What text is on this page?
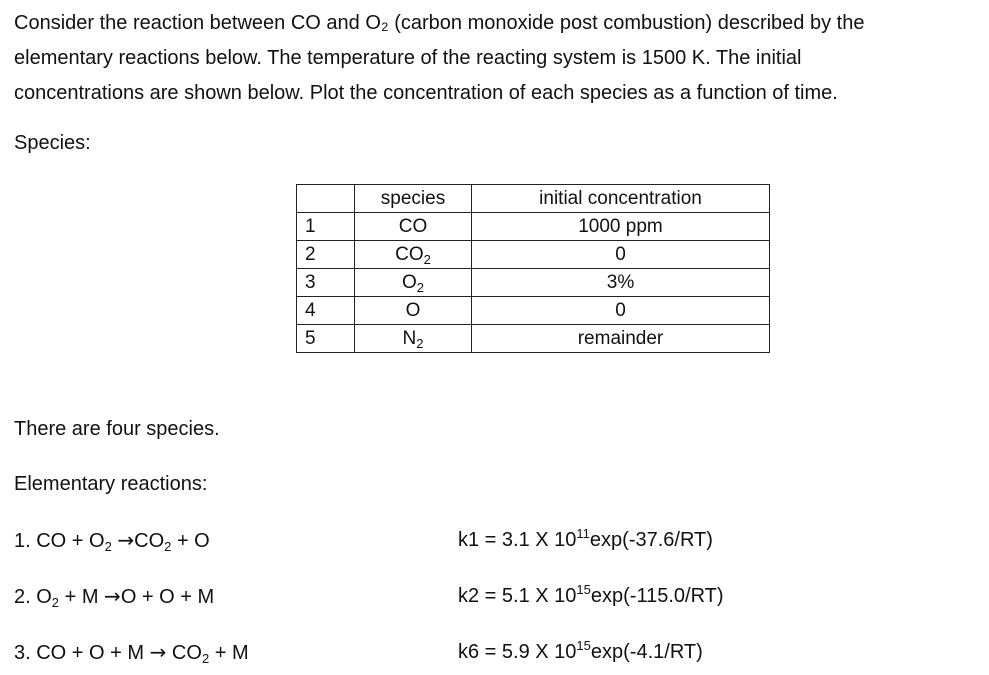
Consider the reaction between CO and O₂ (carbon monoxide post combustion) described by the
elementary reactions below. The temperature of the reacting system is 1500 K. The initial
concentrations are shown below. Plot the concentration of each species as a function of time.
Species:
	species	initial concentration
1	CO	1000 ppm
2	$CO_2$	0
3	$O_2$	3%
4	O	0
5	$N_2$	remainder
There are four species.
Elementary reactions:
1. CO + $O_2 \to CO_2 + O$	k1 = 3.1 X $10^{11}\exp(-37.6/RT)$
2. $O_2 + M \to O + O + M$	k2 = 5.1 X $10^{15}\exp(-115.0/RT)$
3. CO + $O + M \to CO_2 + M$	k6 = 5.9 X $10^{15}\exp(-4.1/RT)$
